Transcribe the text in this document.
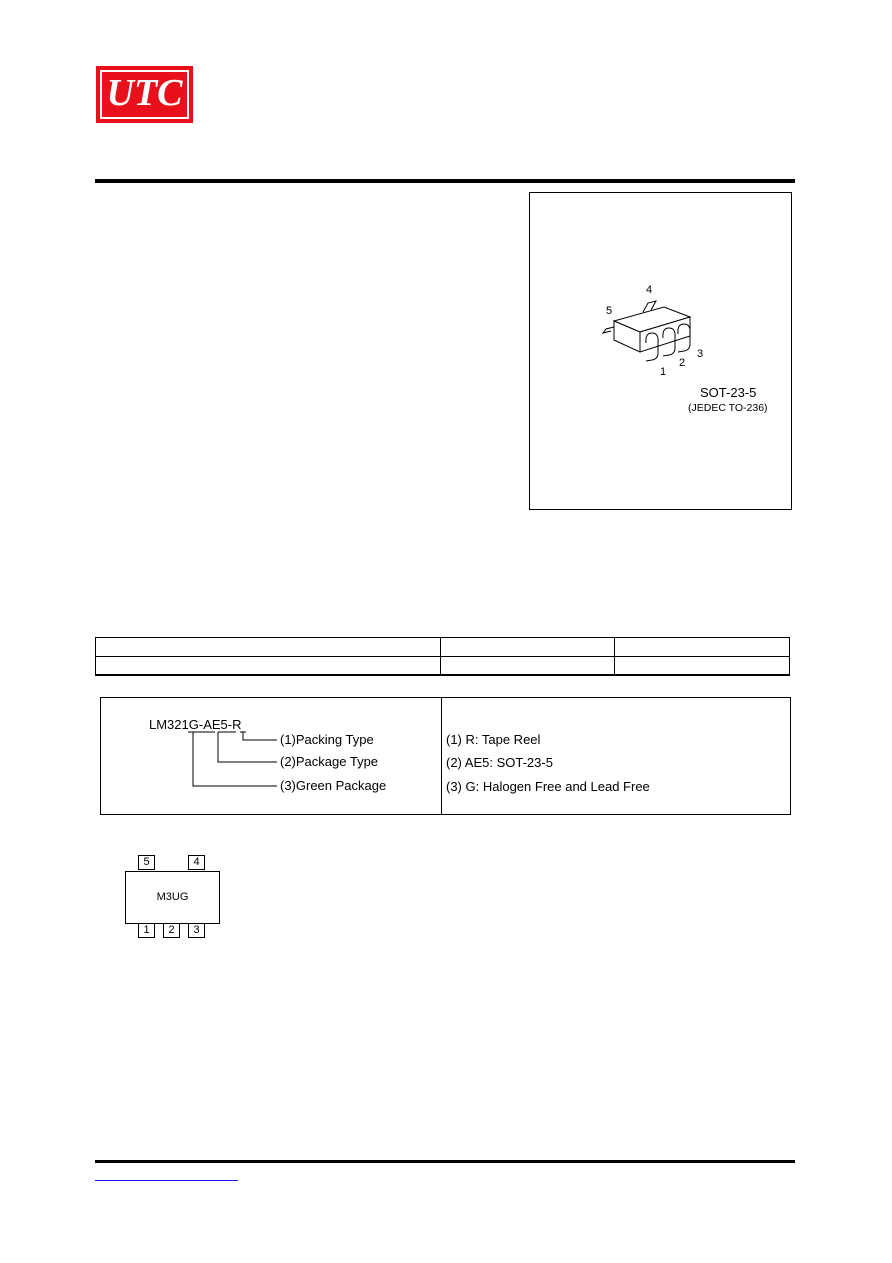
UTC
4
5
1
2
3
SOT-23-5
(JEDEC TO-236)
LM321G-AE5-R
(1)Packing Type
(2)Package Type
(3)Green Package
(1) R: Tape Reel
(2) AE5: SOT-23-5
(3) G: Halogen Free and Lead Free
5	4
M3UG
1	2	3
